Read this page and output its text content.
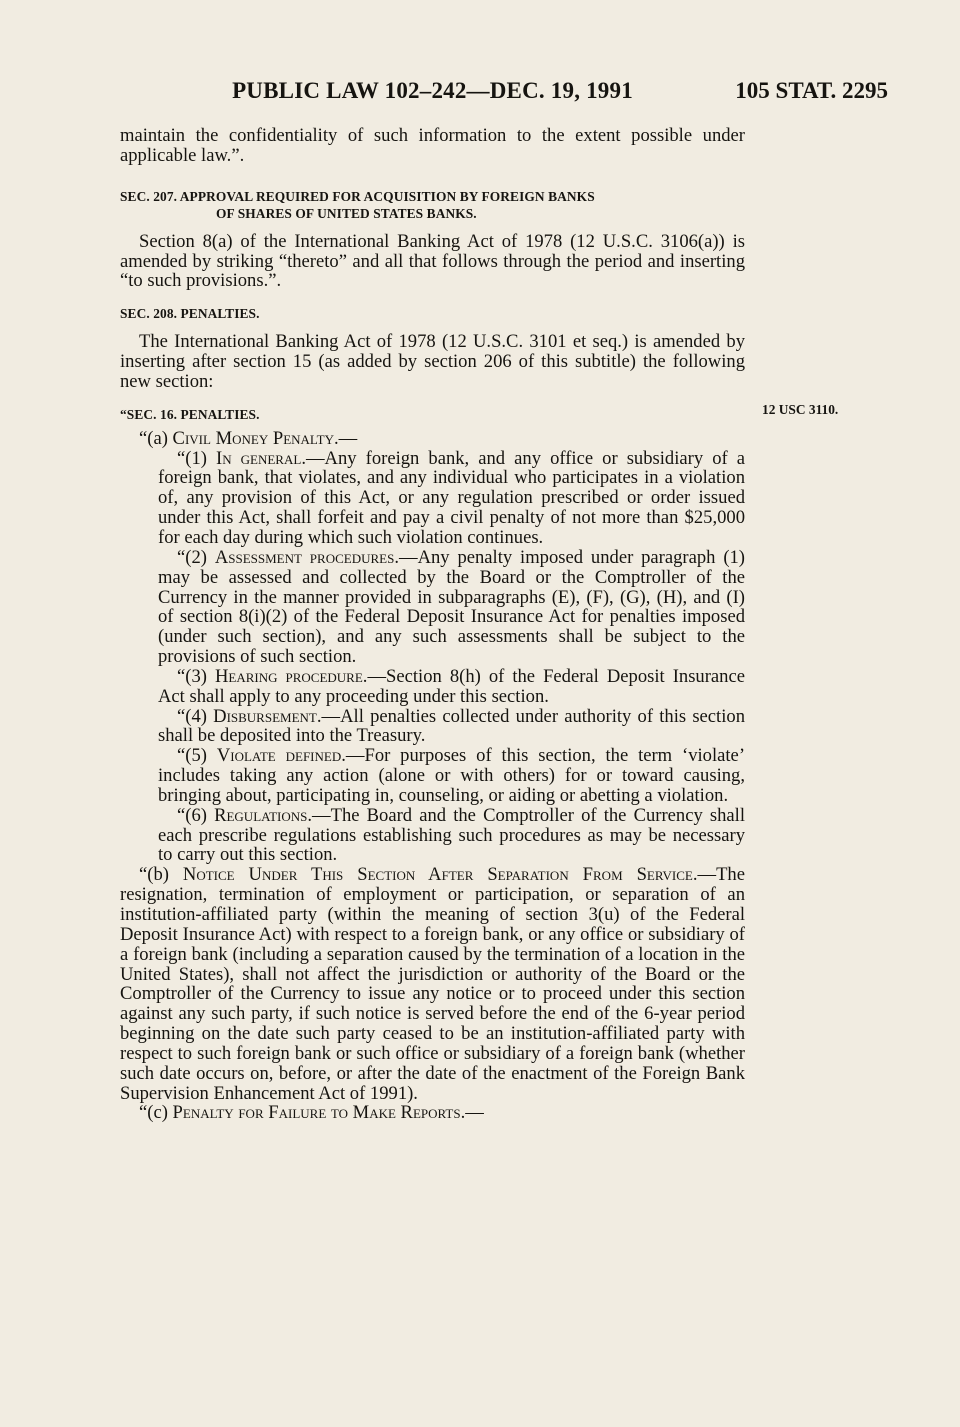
PUBLIC LAW 102–242—DEC. 19, 1991	105 STAT. 2295
12 USC 3110.

maintain the confidentiality of such information to the extent possible under applicable law.”.

SEC. 207. APPROVAL REQUIRED FOR ACQUISITION BY FOREIGN BANKS
OF SHARES OF UNITED STATES BANKS.

Section 8(a) of the International Banking Act of 1978 (12 U.S.C. 3106(a)) is amended by striking “thereto” and all that follows through the period and inserting “to such provisions.”.

SEC. 208. PENALTIES.

The International Banking Act of 1978 (12 U.S.C. 3101 et seq.) is amended by inserting after section 15 (as added by section 206 of this subtitle) the following new section:

“SEC. 16. PENALTIES.

“(a) Civil Money Penalty.—

“(1) In general.—Any foreign bank, and any office or subsidiary of a foreign bank, that violates, and any individual who participates in a violation of, any provision of this Act, or any regulation prescribed or order issued under this Act, shall forfeit and pay a civil penalty of not more than $25,000 for each day during which such violation continues.

“(2) Assessment procedures.—Any penalty imposed under paragraph (1) may be assessed and collected by the Board or the Comptroller of the Currency in the manner provided in subparagraphs (E), (F), (G), (H), and (I) of section 8(i)(2) of the Federal Deposit Insurance Act for penalties imposed (under such section), and any such assessments shall be subject to the provisions of such section.

“(3) Hearing procedure.—Section 8(h) of the Federal Deposit Insurance Act shall apply to any proceeding under this section.

“(4) Disbursement.—All penalties collected under authority of this section shall be deposited into the Treasury.

“(5) Violate defined.—For purposes of this section, the term ‘violate’ includes taking any action (alone or with others) for or toward causing, bringing about, participating in, counseling, or aiding or abetting a violation.

“(6) Regulations.—The Board and the Comptroller of the Currency shall each prescribe regulations establishing such procedures as may be necessary to carry out this section.

“(b) Notice Under This Section After Separation From Service.—The resignation, termination of employment or participation, or separation of an institution-affiliated party (within the meaning of section 3(u) of the Federal Deposit Insurance Act) with respect to a foreign bank, or any office or subsidiary of a foreign bank (including a separation caused by the termination of a location in the United States), shall not affect the jurisdiction or authority of the Board or the Comptroller of the Currency to issue any notice or to proceed under this section against any such party, if such notice is served before the end of the 6-year period beginning on the date such party ceased to be an institution-affiliated party with respect to such foreign bank or such office or subsidiary of a foreign bank (whether such date occurs on, before, or after the date of the enactment of the Foreign Bank Supervision Enhancement Act of 1991).

“(c) Penalty for Failure to Make Reports.—
